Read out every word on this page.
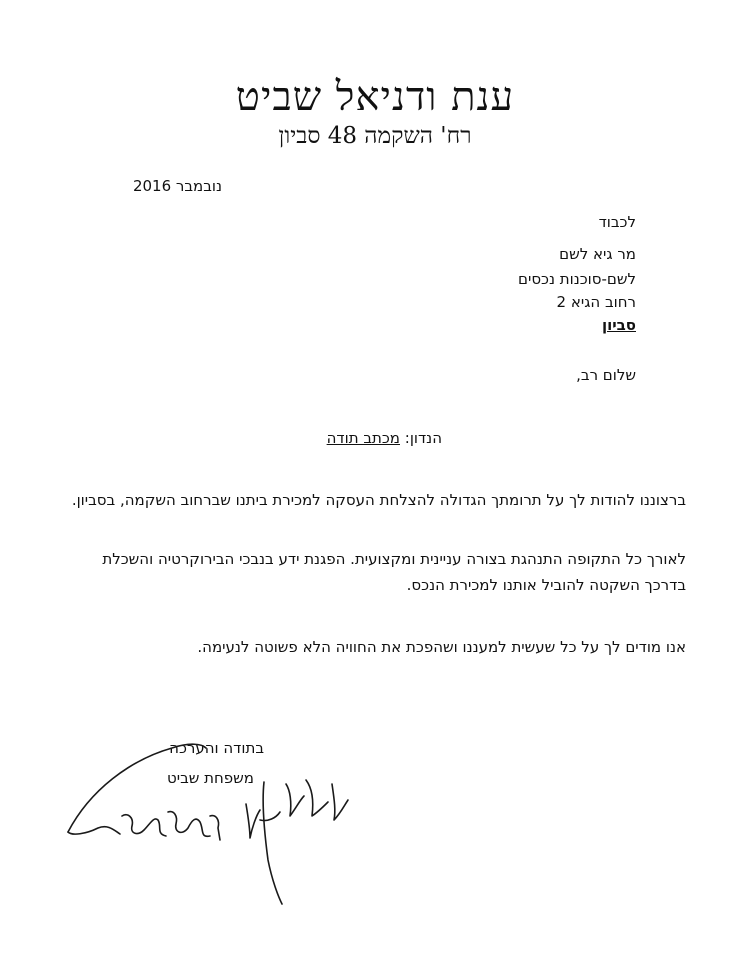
ענת ודניאל שביט
רח' השקמה 48 סביון
נובמבר 2016
לכבוד
מר גיא לשם
לשם-סוכנות נכסים
רחוב הגיא 2
סביון
שלום רב,
הנדון: מכתב תודה
ברצוננו להודות לך על תרומתך הגדולה להצלחת העסקה למכירת ביתנו שברחוב השקמה, בסביון.
לאורך כל התקופה התנהגת בצורה עניינית ומקצועית. הפגנת ידע בנבכי הבירוקרטיה והשכלת בדרכך השקטה להוביל אותנו למכירת הנכס.
אנו מודים לך על כל שעשית למעננו ושהפכת את החוויה הלא פשוטה לנעימה.
בתודה והערכה
משפחת שביט
